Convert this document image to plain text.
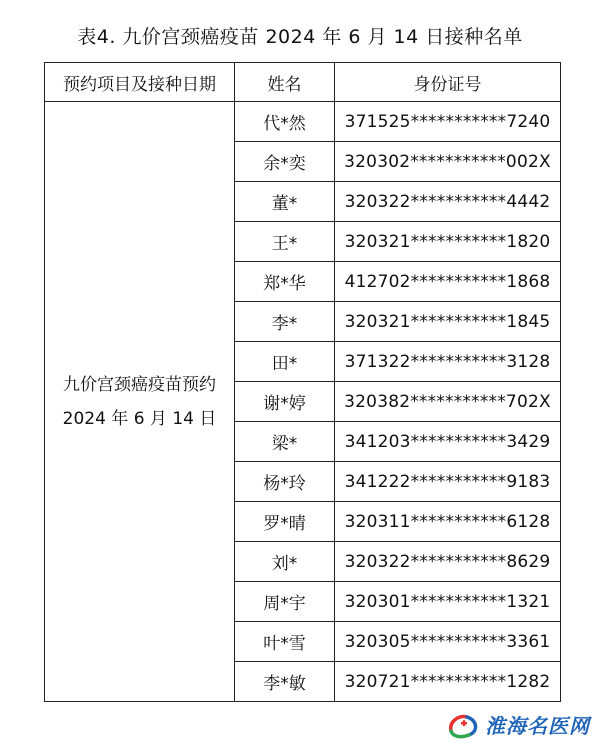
表4. 九价宫颈癌疫苗 2024 年 6 月 14 日接种名单
预约项目及接种日期	姓名	身份证号

九价宫颈癌疫苗预约
2024 年 6 月 14 日	代*然	371525***********7240
	余*奕	320302***********002X
	董*	320322***********4442
	王*	320321***********1820
	郑*华	412702***********1868
	李*	320321***********1845
	田*	371322***********3128
	谢*婷	320382***********702X
	梁*	341203***********3429
	杨*玲	341222***********9183
	罗*晴	320311***********6128
	刘*	320322***********8629
	周*宇	320301***********1321
	叶*雪	320305***********3361
	李*敏	320721***********1282
淮海名医网
